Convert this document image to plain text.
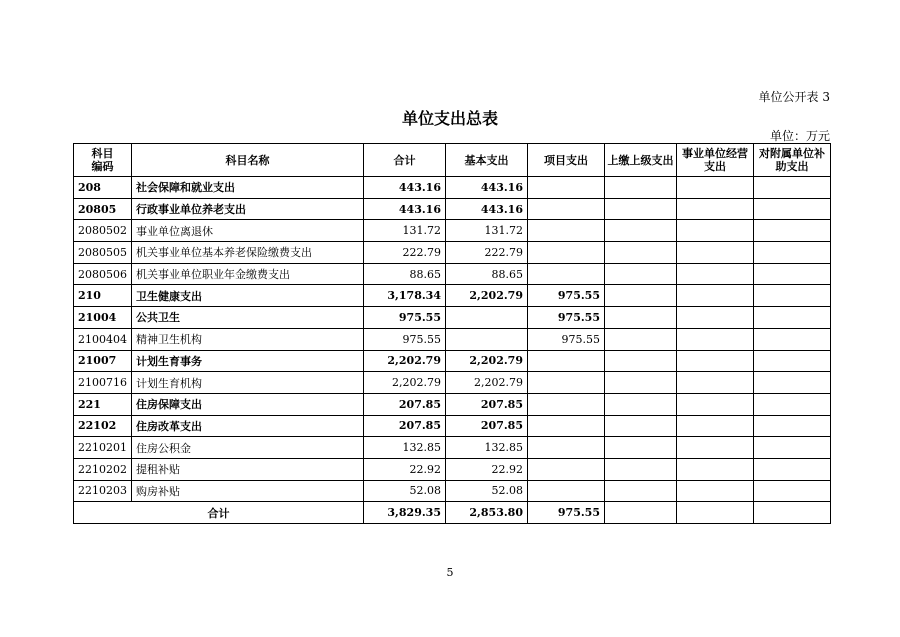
单位公开表 3
单位支出总表
单位：万元
科目
编码	科目名称	合计	基本支出	项目支出	上缴上级支出	事业单位经营支出	对附属单位补助支出
208	社会保障和就业支出	443.16	443.16				
20805	行政事业单位养老支出	443.16	443.16				
2080502	事业单位离退休	131.72	131.72				
2080505	机关事业单位基本养老保险缴费支出	222.79	222.79				
2080506	机关事业单位职业年金缴费支出	88.65	88.65				
210	卫生健康支出	3,178.34	2,202.79	975.55			
21004	公共卫生	975.55		975.55			
2100404	精神卫生机构	975.55		975.55			
21007	计划生育事务	2,202.79	2,202.79				
2100716	计划生育机构	2,202.79	2,202.79				
221	住房保障支出	207.85	207.85				
22102	住房改革支出	207.85	207.85				
2210201	住房公积金	132.85	132.85				
2210202	提租补贴	22.92	22.92				
2210203	购房补贴	52.08	52.08				
合计		3,829.35	2,853.80	975.55			
5
